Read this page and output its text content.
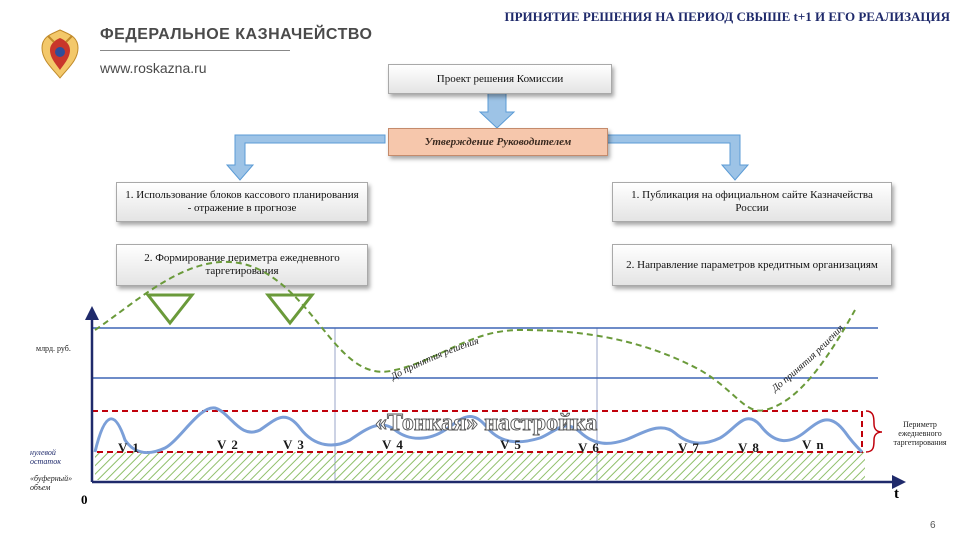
ФЕДЕРАЛЬНОЕ КАЗНАЧЕЙСТВО
www.roskazna.ru
ПРИНЯТИЕ РЕШЕНИЯ НА ПЕРИОД СВЫШЕ t+1 И ЕГО РЕАЛИЗАЦИЯ
Проект решения Комиссии
Утверждение Руководителем
1. Использование блоков кассового планирования - отражение в прогнозе
2. Формирование периметра ежедневного таргетирования
1. Публикация на официальном сайте Казначейства России
2. Направление параметров кредитным организациям
До принятия решения
До принятия решения
«Тонкая» настройка
млрд. руб.
0	t
V 1	V 2	V 3	V 4	V 5	V 6	V 7	V 8	V n
нулевой остаток
«буферный» объем
Периметр ежедневного таргетирования
6
